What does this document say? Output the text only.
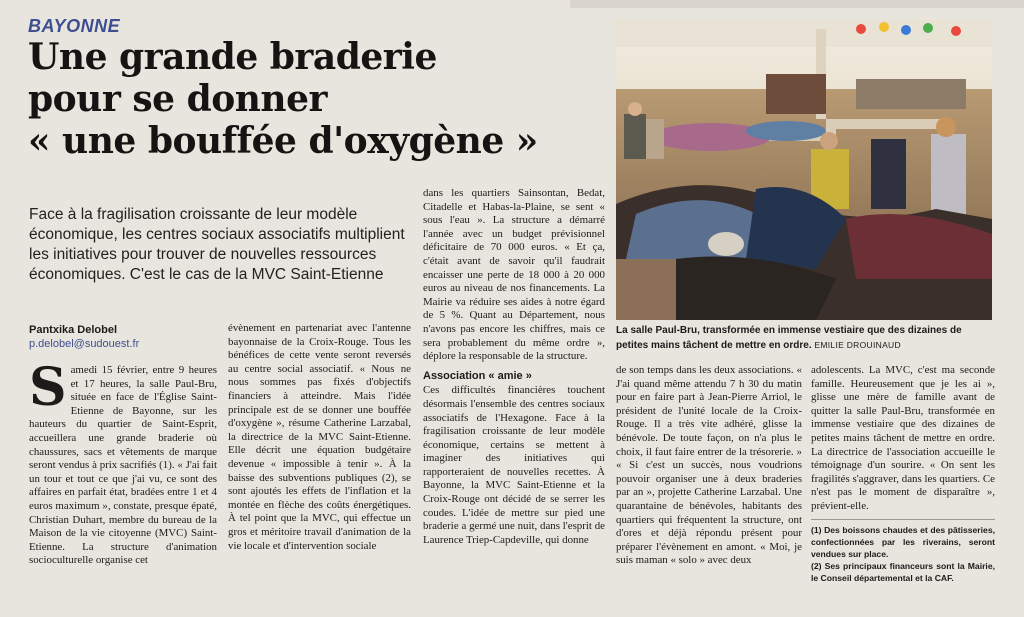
BAYONNE
Une grande braderie
pour se donner
« une bouffée d'oxygène »
Face à la fragilisation croissante de leur modèle économique, les centres sociaux associatifs multiplient les initiatives pour trouver de nouvelles ressources économiques. C'est le cas de la MVC Saint-Etienne
Pantxika Delobel
p.delobel@sudouest.fr
Samedi 15 février, entre 9 heures et 17 heures, la salle Paul-Bru, située en face de l'Église Saint-Etienne de Bayonne, sur les hauteurs du quartier de Saint-Esprit, accueillera une grande braderie où chaussures, sacs et vêtements de marque seront vendus à prix sacrifiés (1). « J'ai fait un tour et tout ce que j'ai vu, ce sont des affaires en parfait état, bradées entre 1 et 4 euros maximum », constate, presque épaté, Christian Duhart, membre du bureau de la Maison de la vie citoyenne (MVC) Saint-Etienne. La structure d'animation socioculturelle organise cet

évènement en partenariat avec l'antenne bayonnaise de la Croix-Rouge. Tous les bénéfices de cette vente seront reversés au centre social associatif. « Nous ne nous sommes pas fixés d'objectifs financiers à atteindre. Mais l'idée principale est de se donner une bouffée d'oxygène », résume Catherine Larzabal, la directrice de la MVC Saint-Etienne. Elle décrit une équation budgétaire devenue « impossible à tenir ». À la baisse des subventions publiques (2), se sont ajoutés les effets de l'inflation et la montée en flèche des coûts énergétiques. À tel point que la MVC, qui effectue un gros et méritoire travail d'animation de la vie locale et d'intervention sociale

dans les quartiers Sainsontan, Bedat, Citadelle et Habas-la-Plaine, se sent « sous l'eau ». La structure a démarré l'année avec un budget prévisionnel déficitaire de 70 000 euros. « Et ça, c'était avant de savoir qu'il faudrait encaisser une perte de 18 000 à 20 000 euros au niveau de nos financements. La Mairie va réduire ses aides à notre égard de 5 %. Quant au Département, nous n'avons pas encore les chiffres, mais ce sera probablement du même ordre », déplore la responsable de la structure.

Association « amie »

Ces difficultés financières touchent désormais l'ensemble des centres sociaux associatifs de l'Hexagone. Face à la fragilisation croissante de leur modèle économique, certains se mettent à imaginer des initiatives qui rapporteraient de nouvelles recettes. À Bayonne, la MVC Saint-Etienne et la Croix-Rouge ont décidé de se serrer les coudes. L'idée de mettre sur pied une braderie a germé une nuit, dans l'esprit de Laurence Triep-Capdeville, qui donne

La salle Paul-Bru, transformée en immense vestiaire que des dizaines de petites mains tâchent de mettre en ordre. EMILIE DROUINAUD

de son temps dans les deux associations. « J'ai quand même attendu 7 h 30 du matin pour en faire part à Jean-Pierre Arriol, le président de l'unité locale de la Croix-Rouge. Il a très vite adhéré, glisse la bénévole. De toute façon, on n'a plus le choix, il faut faire entrer de la trésorerie. » « Si c'est un succès, nous voudrions pouvoir organiser une à deux braderies par an », projette Catherine Larzabal. Une quarantaine de bénévoles, habitants des quartiers qui fréquentent la structure, ont d'ores et déjà répondu présent pour préparer l'évènement en amont. « Moi, je suis maman « solo » avec deux

adolescents. La MVC, c'est ma seconde famille. Heureusement que je les ai », glisse une mère de famille avant de quitter la salle Paul-Bru, transformée en immense vestiaire que des dizaines de petites mains tâchent de mettre en ordre. La directrice de l'association accueille le témoignage d'un sourire. « On sent les fragilités s'aggraver, dans les quartiers. Ce n'est pas le moment de disparaître », prévient-elle.

(1) Des boissons chaudes et des pâtisseries, confectionnées par les riverains, seront vendues sur place.
(2) Ses principaux financeurs sont la Mairie, le Conseil départemental et la CAF.
